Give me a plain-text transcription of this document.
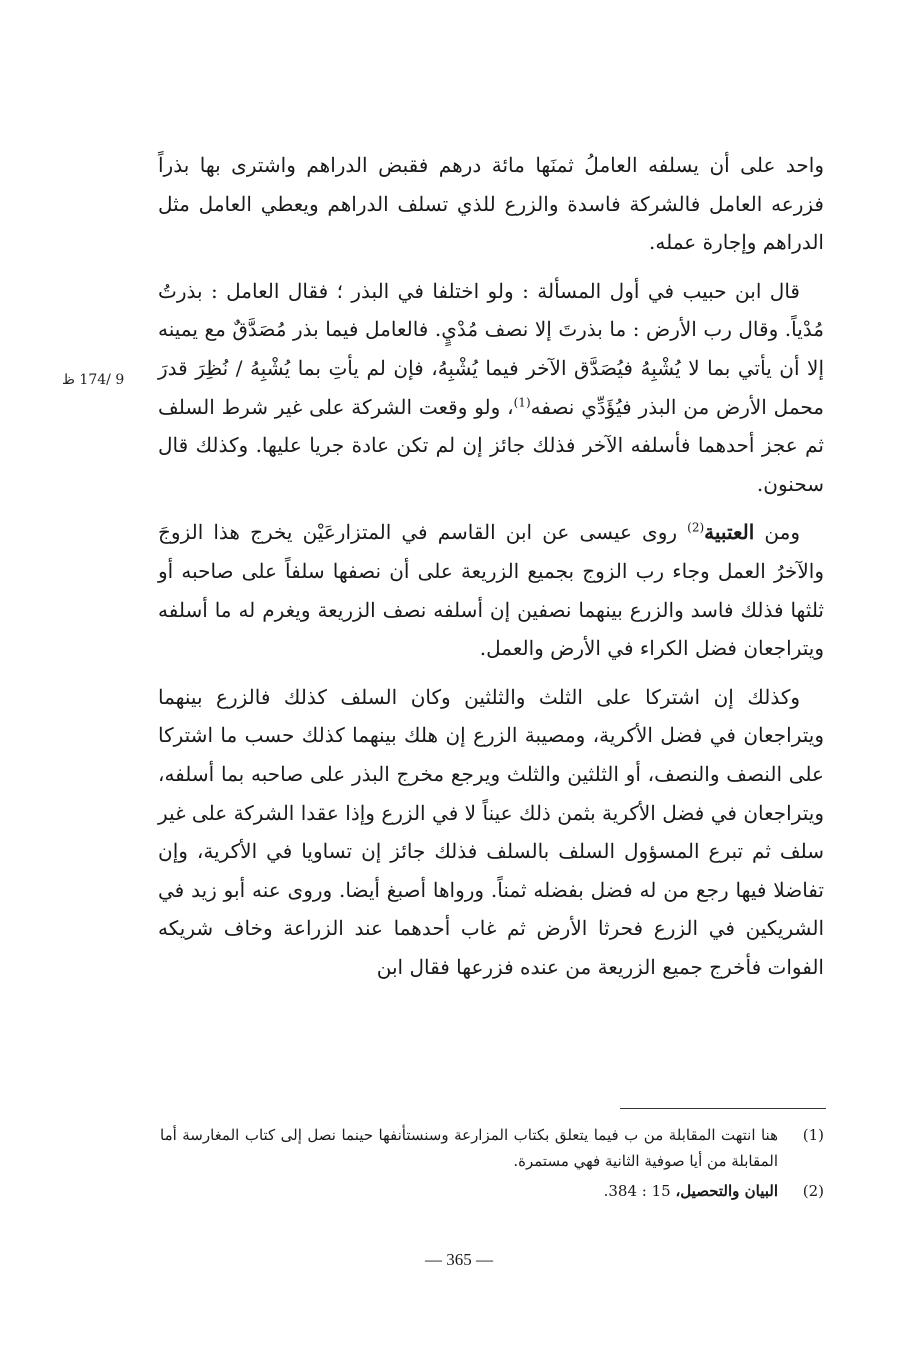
واحد على أن يسلفه العاملُ ثمنَها مائة درهم فقبض الدراهم واشترى بها بذراً فزرعه العامل فالشركة فاسدة والزرع للذي تسلف الدراهم ويعطي العامل مثل الدراهم وإجارة عمله.

قال ابن حبيب في أول المسألة : ولو اختلفا في البذر ؛ فقال العامل : بذرتُ مُدْياً. وقال رب الأرض : ما بذرتَ إلا نصف مُدْيٍ. فالعامل فيما بذر مُصَدَّقٌ مع يمينه إلا أن يأتي بما لا يُشْبِهُ فيُصَدَّق الآخر فيما يُشْبِهُ، فإن لم يأتِ بما يُشْبِهُ / نُظِرَ قدرَ محمل الأرض من البذر فيُؤَدِّي نصفه$^{(1)}$، ولو وقعت الشركة على غير شرط السلف ثم عجز أحدهما فأسلفه الآخر فذلك جائز إن لم تكن عادة جريا عليها. وكذلك قال سحنون.

ومن العتبية$^{(2)}$ روى عيسى عن ابن القاسم في المتزارعَيْن يخرج هذا الزوجَ والآخرُ العمل وجاء رب الزوج بجميع الزريعة على أن نصفها سلفاً على صاحبه أو ثلثها فذلك فاسد والزرع بينهما نصفين إن أسلفه نصف الزريعة ويغرم له ما أسلفه ويتراجعان فضل الكراء في الأرض والعمل.

وكذلك إن اشتركا على الثلث والثلثين وكان السلف كذلك فالزرع بينهما ويتراجعان في فضل الأكرية، ومصيبة الزرع إن هلك بينهما كذلك حسب ما اشتركا على النصف والنصف، أو الثلثين والثلث ويرجع مخرج البذر على صاحبه بما أسلفه، ويتراجعان في فضل الأكرية بثمن ذلك عيناً لا في الزرع وإذا عقدا الشركة على غير سلف ثم تبرع المسؤول السلف بالسلف فذلك جائز إن تساويا في الأكرية، وإن تفاضلا فيها رجع من له فضل بفضله ثمناً. ورواها أصبغ أيضا. وروى عنه أبو زيد في الشريكين في الزرع فحرثا الأرض ثم غاب أحدهما عند الزراعة وخاف شريكه الفوات فأخرج جميع الزريعة من عنده فزرعها فقال ابن

9 /174 ظ
(1)
هنا انتهت المقابلة من ب فيما يتعلق بكتاب المزارعة وسنستأنفها حينما نصل إلى كتاب المغارسة أما المقابلة من أيا صوفية الثانية فهي مستمرة.
(2)
البيان والتحصيل، 15 : 384.
— 365 —
